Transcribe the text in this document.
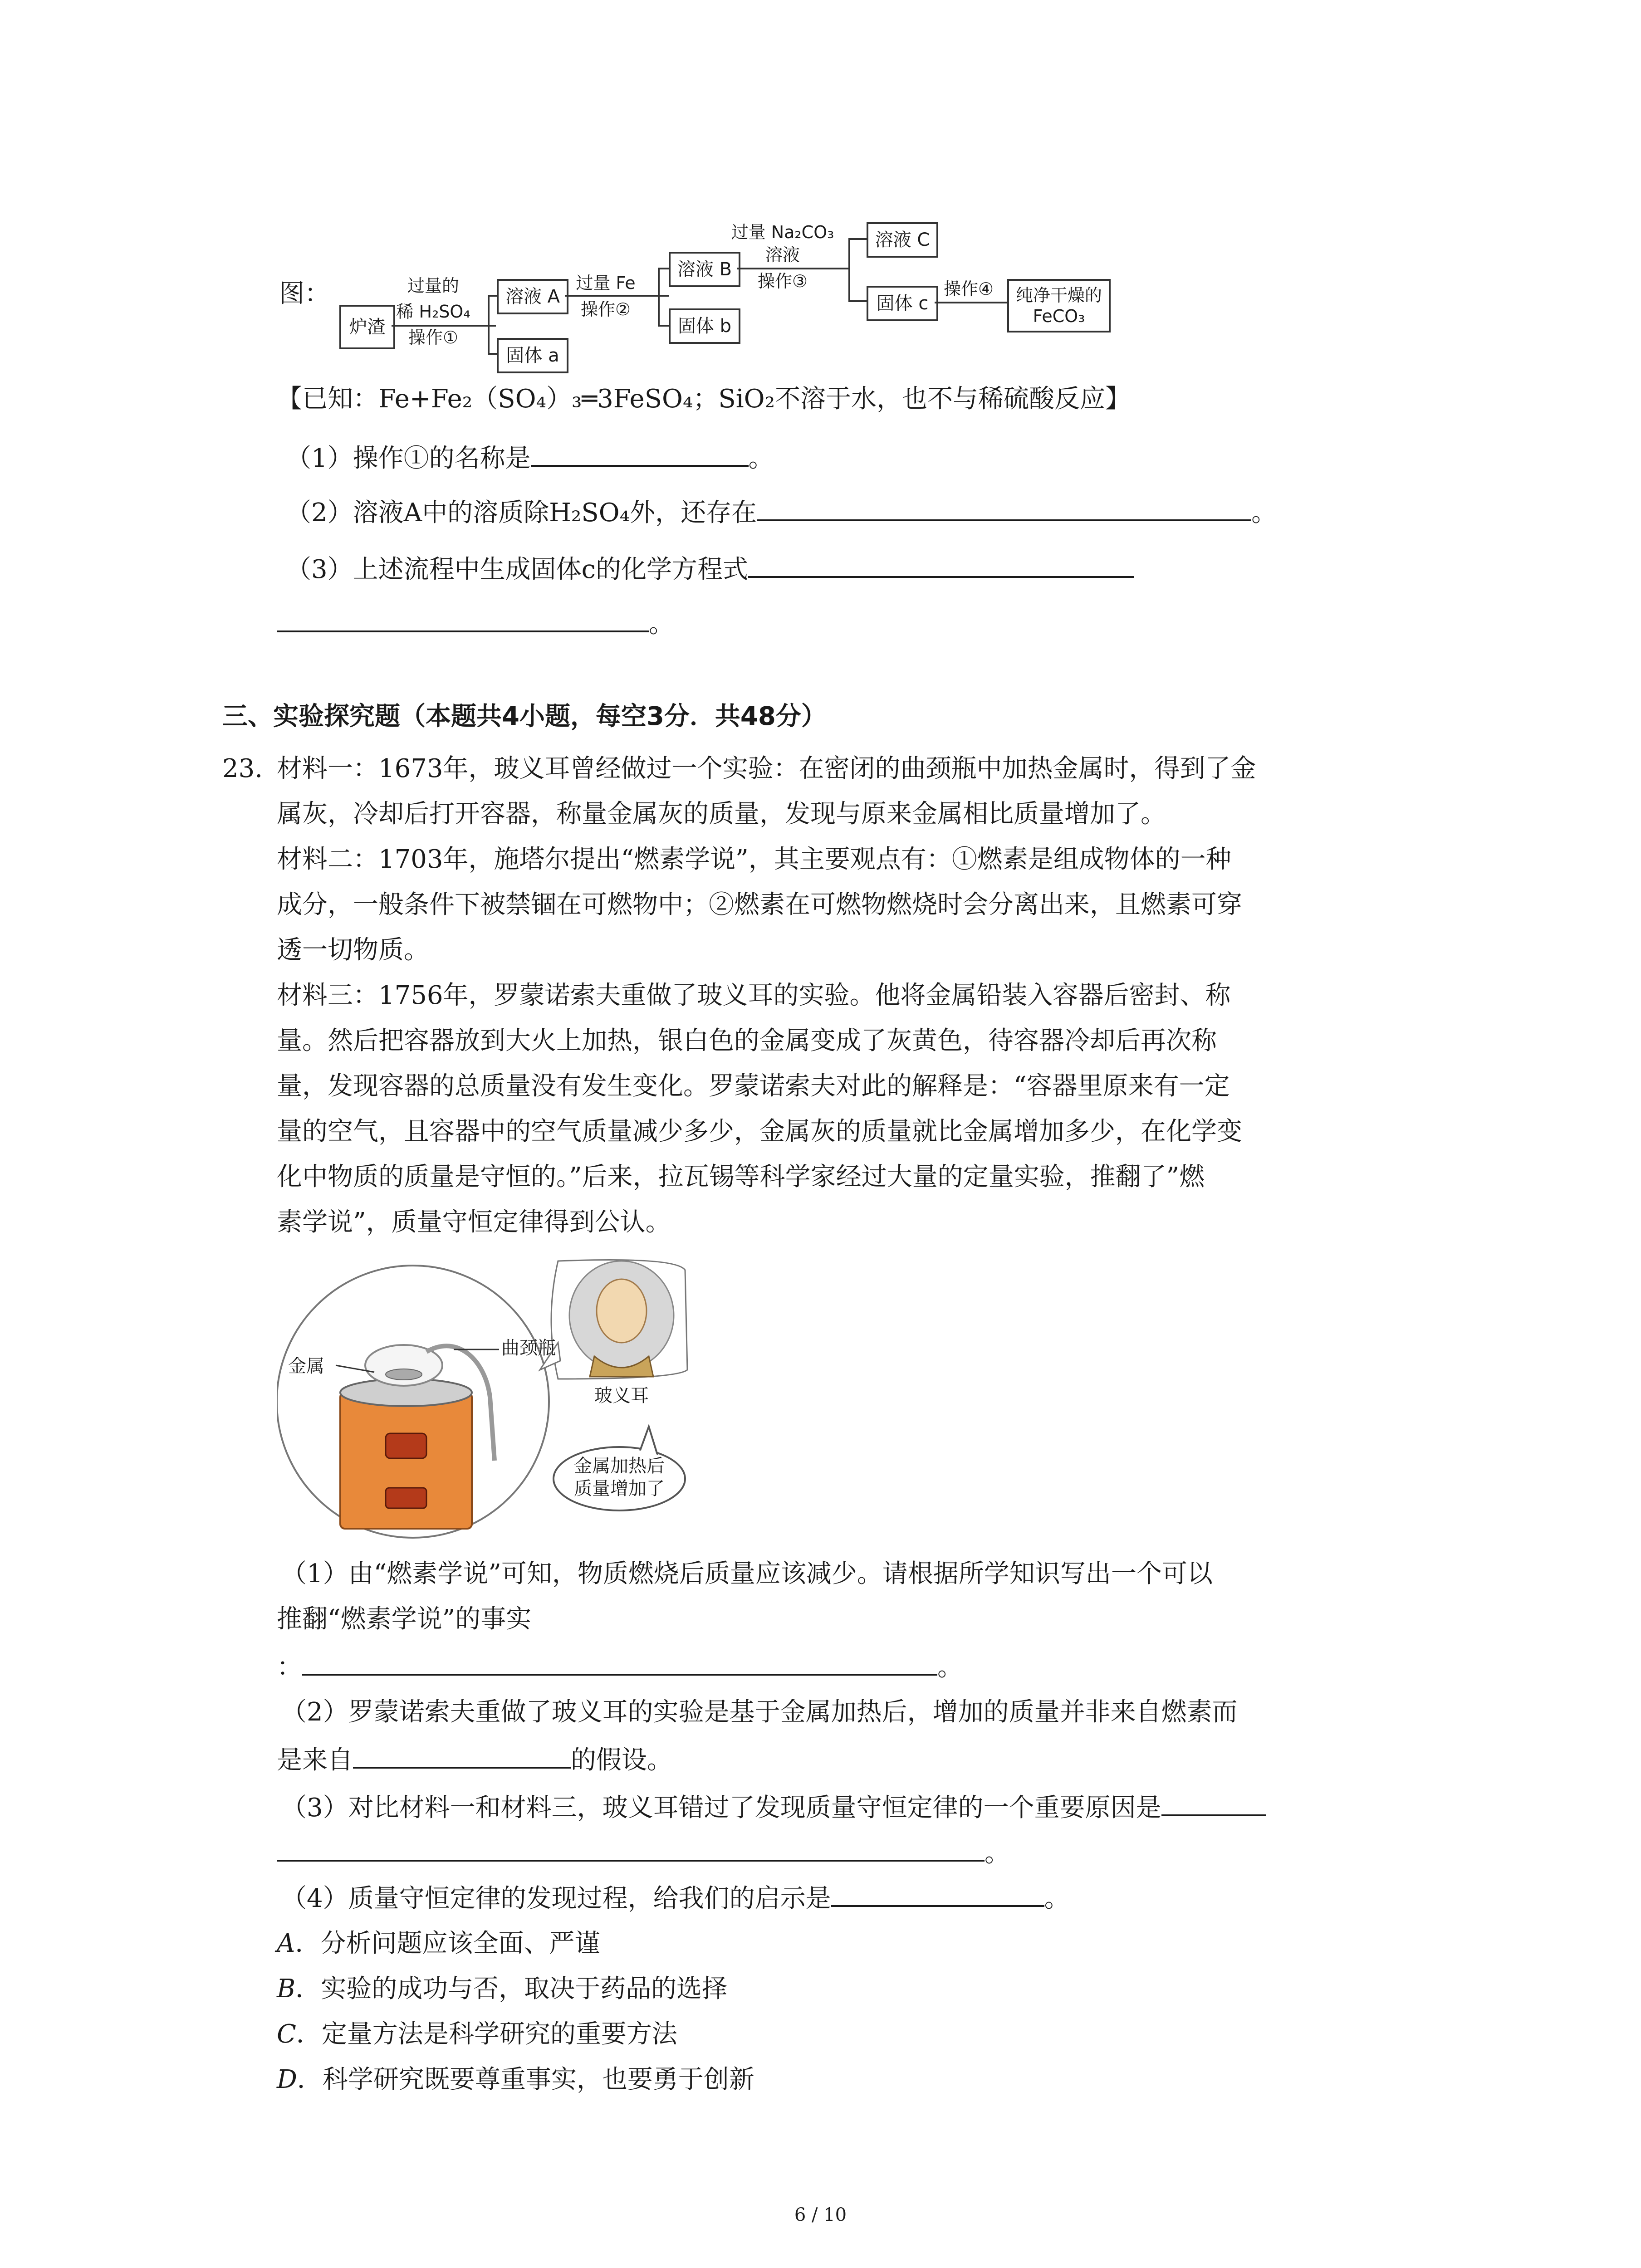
图：
炉渣
过量的
稀 H₂SO₄
操作①
溶液 A
固体 a
过量 Fe
操作②
溶液 B
固体 b
过量 Na₂CO₃
溶液
操作③
溶液 C
固体 c
操作④	纯净干燥的 FeCO₃
【已知：Fe+Fe₂（SO₄）₃═3FeSO₄；SiO₂不溶于水，也不与稀硫酸反应】
（1）操作①的名称是	。
（2）溶液A中的溶质除H₂SO₄外，还存在	。
（3）上述流程中生成固体c的化学方程式
。
三、实验探究题（本题共4小题，每空3分．共48分）
23. 材料一：1673年，玻义耳曾经做过一个实验：在密闭的曲颈瓶中加热金属时，得到了金
属灰，冷却后打开容器，称量金属灰的质量，发现与原来金属相比质量增加了。
材料二：1703年，施塔尔提出“燃素学说”，其主要观点有：①燃素是组成物体的一种
成分，一般条件下被禁锢在可燃物中；②燃素在可燃物燃烧时会分离出来，且燃素可穿
透一切物质。
材料三：1756年，罗蒙诺索夫重做了玻义耳的实验。他将金属铅装入容器后密封、称
量。然后把容器放到大火上加热，银白色的金属变成了灰黄色，待容器冷却后再次称
量，发现容器的总质量没有发生变化。罗蒙诺索夫对此的解释是：“容器里原来有一定
量的空气，且容器中的空气质量减少多少，金属灰的质量就比金属增加多少，在化学变
化中物质的质量是守恒的。”后来，拉瓦锡等科学家经过大量的定量实验，推翻了”燃
素学说”，质量守恒定律得到公认。
曲颈瓶
金属
玻义耳
金属加热后
质量增加了
（1）由“燃素学说”可知，物质燃烧后质量应该减少。请根据所学知识写出一个可以
推翻“燃素学说”的事实
：	。
（2）罗蒙诺索夫重做了玻义耳的实验是基于金属加热后，增加的质量并非来自燃素而
是来自	的假设。
（3）对比材料一和材料三，玻义耳错过了发现质量守恒定律的一个重要原因是
。
（4）质量守恒定律的发现过程，给我们的启示是	。
A．分析问题应该全面、严谨
B．实验的成功与否，取决于药品的选择
C．定量方法是科学研究的重要方法
D．科学研究既要尊重事实，也要勇于创新
6 / 10
